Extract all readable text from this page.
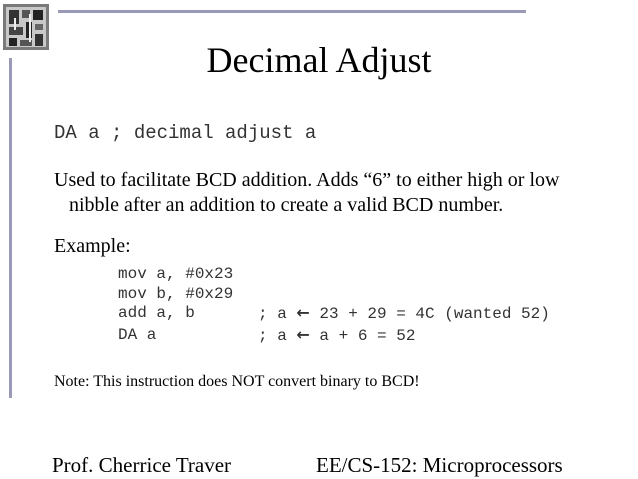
Decimal Adjust
DA a ; decimal adjust a
Used to facilitate BCD addition. Adds “6” to either high or low
nibble after an addition to create a valid BCD number.
Example:
mov a, #0x23
mov b, #0x29
add a, b
DA a
; a ← 23 + 29 = 4C (wanted 52)
; a ← a + 6 = 52
Note: This instruction does NOT convert binary to BCD!
Prof. Cherrice Traver	EE/CS-152: Microprocessors
